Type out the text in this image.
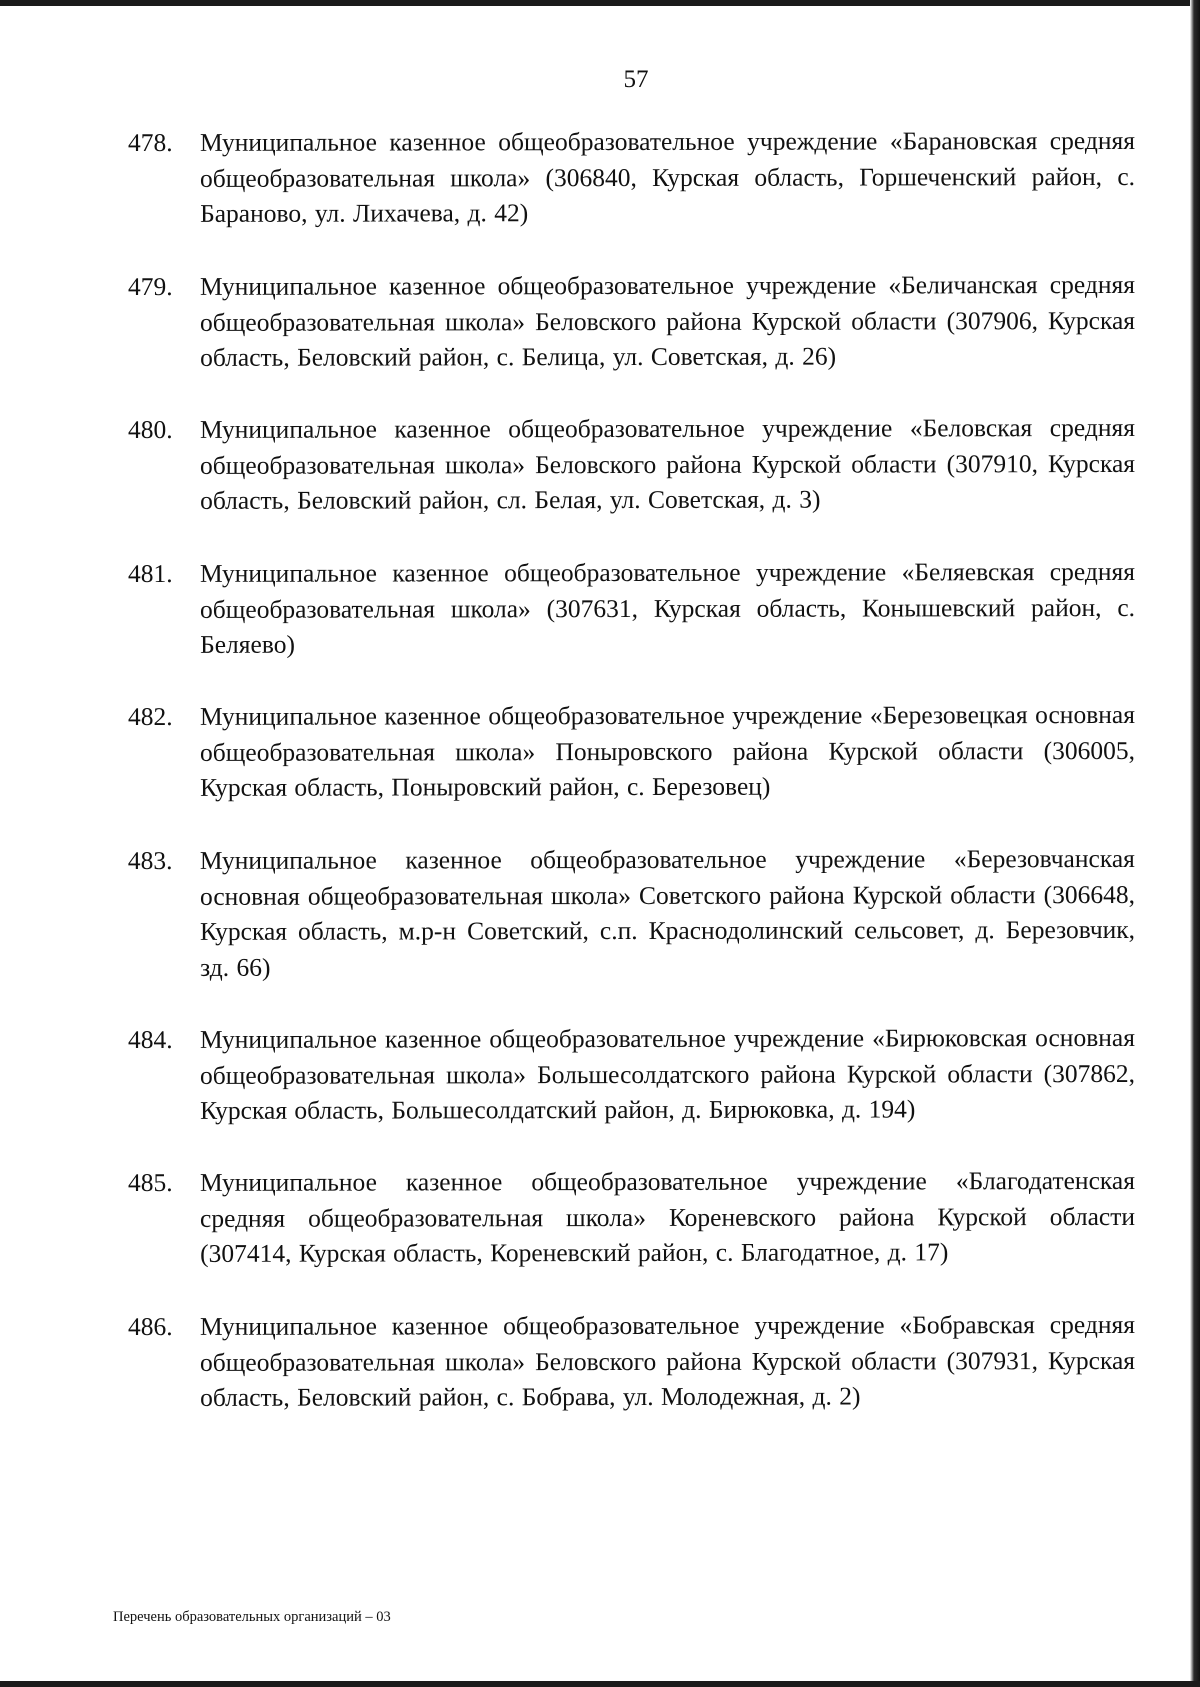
57
478.	Муниципальное казенное общеобразовательное учреждение «Барановская средняя общеобразовательная школа» (306840, Курская область, Горшеченский район, с. Бараново, ул. Лихачева, д. 42)
479.	Муниципальное казенное общеобразовательное учреждение «Беличанская средняя общеобразовательная школа» Беловского района Курской области (307906, Курская область, Беловский район, с. Белица, ул. Советская, д. 26)
480.	Муниципальное казенное общеобразовательное учреждение «Беловская средняя общеобразовательная школа» Беловского района Курской области (307910, Курская область, Беловский район, сл. Белая, ул. Советская, д. 3)
481.	Муниципальное казенное общеобразовательное учреждение «Беляевская средняя общеобразовательная школа» (307631, Курская область, Конышевский район, с. Беляево)
482.	Муниципальное казенное общеобразовательное учреждение «Березовецкая основная общеобразовательная школа» Поныровского района Курской области (306005, Курская область, Поныровский район, с. Березовец)
483.	Муниципальное казенное общеобразовательное учреждение «Березовчанская основная общеобразовательная школа» Советского района Курской области (306648, Курская область, м.р-н Советский, с.п. Краснодолинский сельсовет, д. Березовчик, зд. 66)
484.	Муниципальное казенное общеобразовательное учреждение «Бирюковская основная общеобразовательная школа» Большесолдатского района Курской области (307862, Курская область, Большесолдатский район, д. Бирюковка, д. 194)
485.	Муниципальное казенное общеобразовательное учреждение «Благодатенская средняя общеобразовательная школа» Кореневского района Курской области (307414, Курская область, Кореневский район, с. Благодатное, д. 17)
486.	Муниципальное казенное общеобразовательное учреждение «Бобравская средняя общеобразовательная школа» Беловского района Курской области (307931, Курская область, Беловский район, с. Бобрава, ул. Молодежная, д. 2)
Перечень образовательных организаций – 03
